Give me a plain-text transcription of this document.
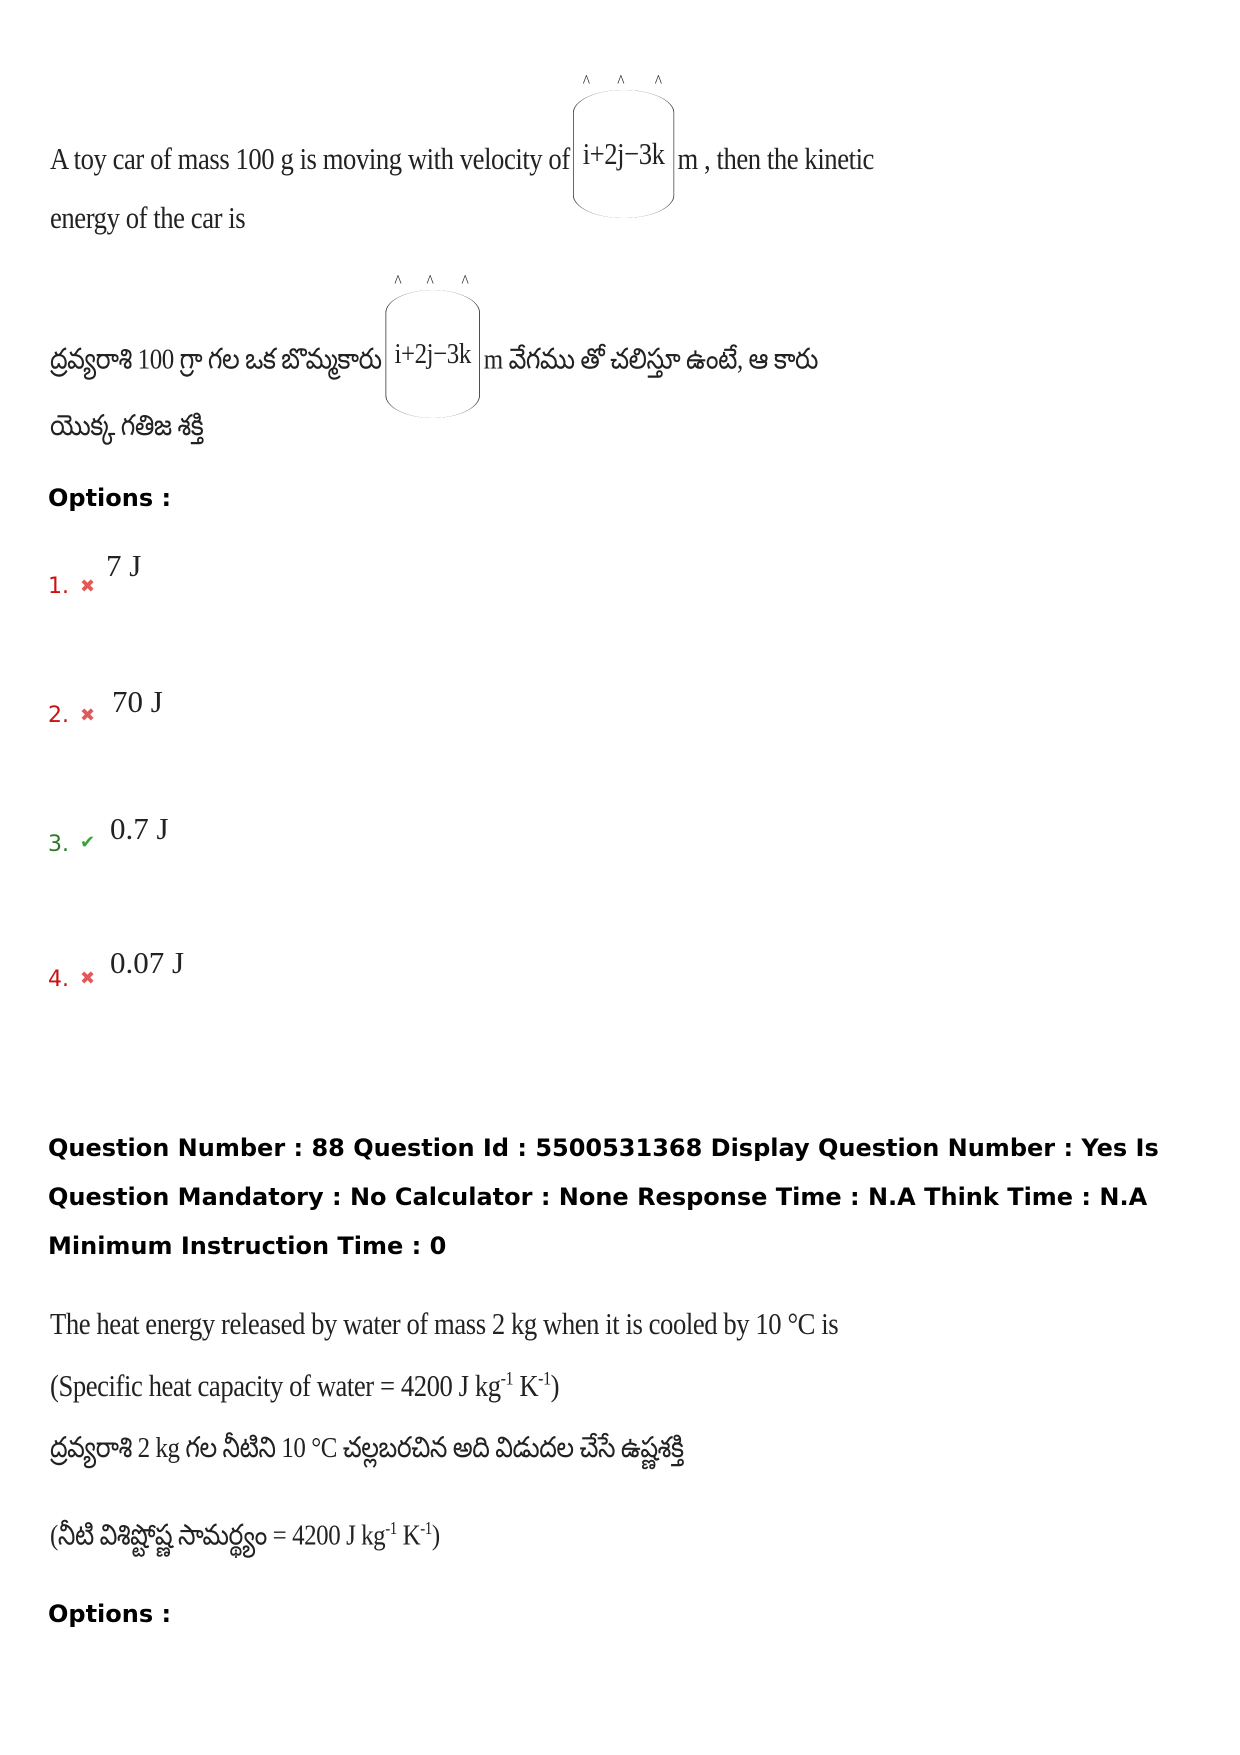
A toy car of mass 100 g is moving with velocity of ^ i+2^ j−3^ k m , then the kinetic
energy of the car is
ద్రవ్యరాశి 100 గ్రా గల ఒక బొమ్మకారు ^ i+2^ j−3^ k m వేగము తో చలిస్తూ ఉంటే, ఆ కారు
యొక్క గతిజ శక్తి
Options :
1. ✖
7 J
2. ✖ 70 J
3. ✔ 0.7 J
4. ✖ 0.07 J
Question Number : 88 Question Id : 5500531368 Display Question Number : Yes Is Question Mandatory : No Calculator : None Response Time : N.A Think Time : N.A Minimum Instruction Time : 0
The heat energy released by water of mass 2 kg when it is cooled by 10 °C is
(Specific heat capacity of water = 4200 J $kg^{-1}$ $K^{-1}$)
ద్రవ్యరాశి 2 kg గల నీటిని 10 °C చల్లబరచిన అది విడుదల చేసే ఉష్ణశక్తి
(నీటి విశిష్టోష్ణ సామర్థ్యం = 4200 J $kg^{-1}$ $K^{-1}$)
Options :
